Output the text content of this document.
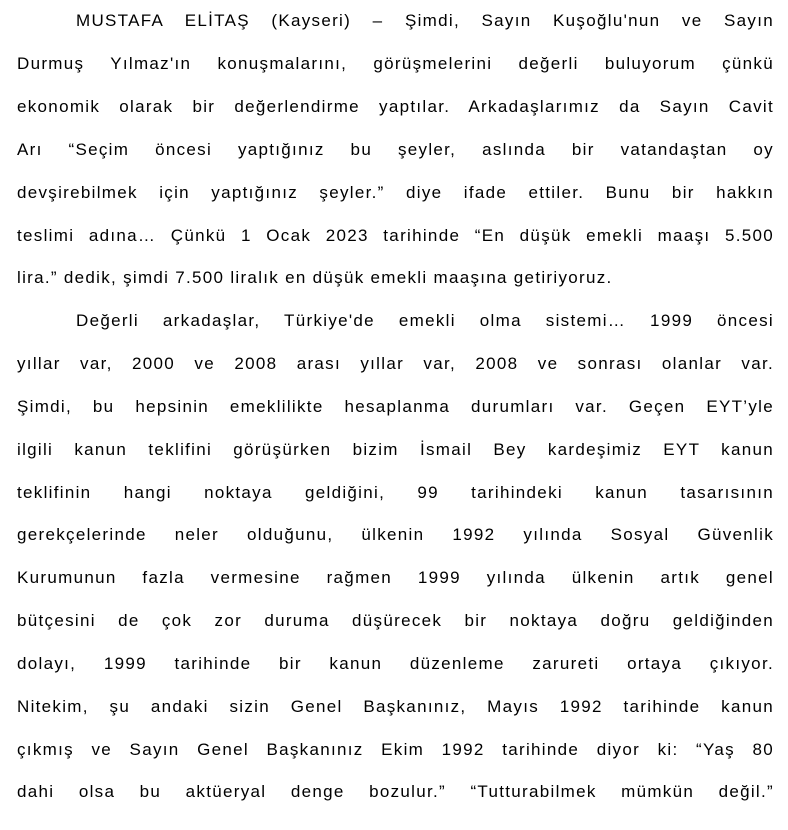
MUSTAFA ELİTAŞ (Kayseri) – Şimdi, Sayın Kuşoğlu'nun ve Sayın
Durmuş Yılmaz'ın konuşmalarını, görüşmelerini değerli buluyorum çünkü
ekonomik olarak bir değerlendirme yaptılar. Arkadaşlarımız da Sayın Cavit
Arı “Seçim öncesi yaptığınız bu şeyler, aslında bir vatandaştan oy
devşirebilmek için yaptığınız şeyler.” diye ifade ettiler. Bunu bir hakkın
teslimi adına… Çünkü 1 Ocak 2023 tarihinde “En düşük emekli maaşı 5.500
lira.” dedik, şimdi 7.500 liralık en düşük emekli maaşına getiriyoruz.
Değerli arkadaşlar, Türkiye'de emekli olma sistemi… 1999 öncesi
yıllar var, 2000 ve 2008 arası yıllar var, 2008 ve sonrası olanlar var.
Şimdi, bu hepsinin emeklilikte hesaplanma durumları var. Geçen EYT’yle
ilgili kanun teklifini görüşürken bizim İsmail Bey kardeşimiz EYT kanun
teklifinin hangi noktaya geldiğini, 99 tarihindeki kanun tasarısının
gerekçelerinde neler olduğunu, ülkenin 1992 yılında Sosyal Güvenlik
Kurumunun fazla vermesine rağmen 1999 yılında ülkenin artık genel
bütçesini de çok zor duruma düşürecek bir noktaya doğru geldiğinden
dolayı, 1999 tarihinde bir kanun düzenleme zarureti ortaya çıkıyor.
Nitekim, şu andaki sizin Genel Başkanınız, Mayıs 1992 tarihinde kanun
çıkmış ve Sayın Genel Başkanınız Ekim 1992 tarihinde diyor ki: “Yaş 80
dahi olsa bu aktüeryal denge bozulur.” “Tutturabilmek mümkün değil.”
